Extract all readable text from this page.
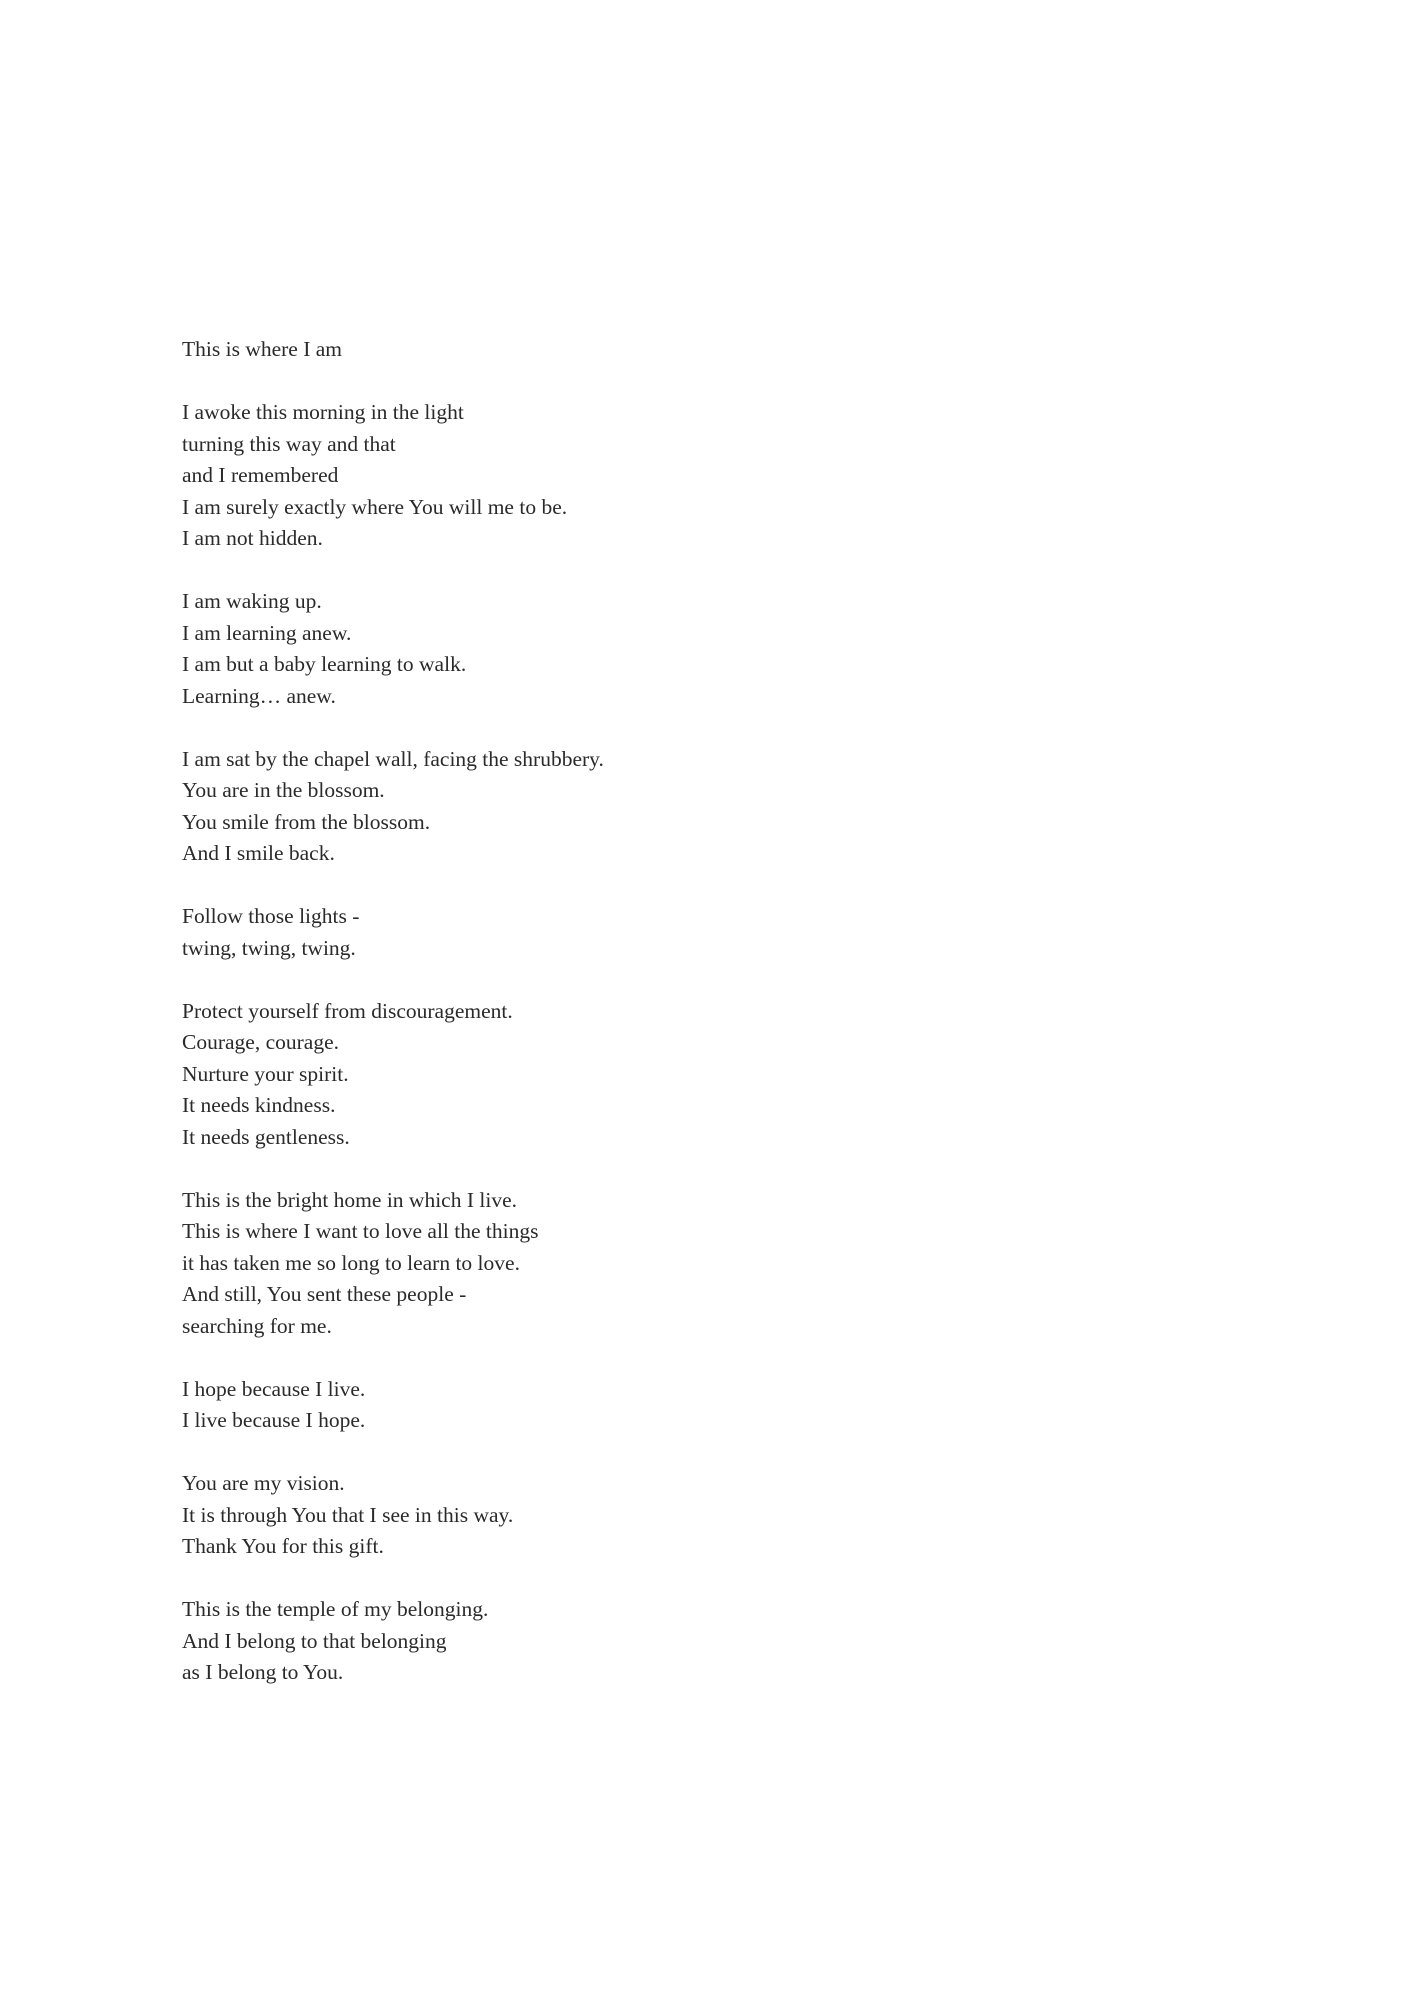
This is where I am
I awoke this morning in the light
turning this way and that
and I remembered
I am surely exactly where You will me to be.
I am not hidden.
I am waking up.
I am learning anew.
I am but a baby learning to walk.
Learning… anew.
I am sat by the chapel wall, facing the shrubbery.
You are in the blossom.
You smile from the blossom.
And I smile back.
Follow those lights -
twing, twing, twing.
Protect yourself from discouragement.
Courage, courage.
Nurture your spirit.
It needs kindness.
It needs gentleness.
This is the bright home in which I live.
This is where I want to love all the things
it has taken me so long to learn to love.
And still, You sent these people -
searching for me.
I hope because I live.
I live because I hope.
You are my vision.
It is through You that I see in this way.
Thank You for this gift.
This is the temple of my belonging.
And I belong to that belonging
as I belong to You.
